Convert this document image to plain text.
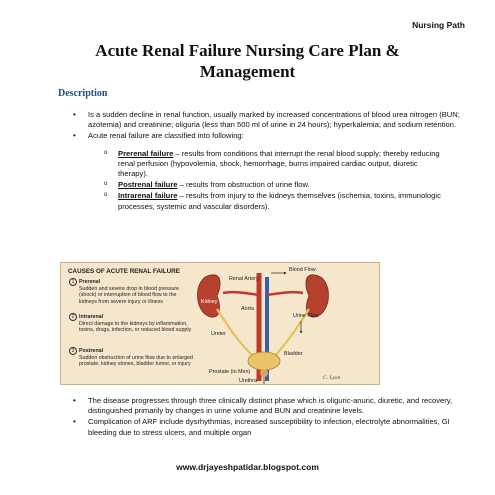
Nursing Path
Acute Renal Failure Nursing Care Plan &
Management
Description
• Is a sudden decline in renal function, usually marked by increased concentrations of blood urea nitrogen (BUN; azotemia) and creatinine; oliguria (less than 500 ml of urine in 24 hours); hyperkalemia; and sodium retention.
• Acute renal failure are classified into following:
o Prerenal failure – results from conditions that interrupt the renal blood supply; thereby reducing renal perfusion (hypovolemia, shock, hemorrhage, burns impaired cardiac output, diuretic therapy).
o Postrenal failure – results from obstruction of urine flow.
o Intrarenal failure – results from injury to the kidneys themselves (ischemia, toxins, immunologic processes, systemic and vascular disorders).
CAUSES OF ACUTE RENAL FAILURE
1 Prerenal
Sudden and severe drop in blood pressure (shock) or interruption of blood flow to the kidneys from severe injury or illness
2 Intrarenal
Direct damage to the kidneys by inflammation, toxins, drugs, infection, or reduced blood supply
3 Postrenal
Sudden obstruction of urine flow due to enlarged prostate, kidney stones, bladder tumor, or injury
Blood Flow
Renal Artery
Kidney
Aorta
Urine Flow
Ureter
Bladder
Prostate (in Men)
Urethra	C. Lyon
• The disease progresses through three clinically distinct phase which is oliguric-anuric, diuretic, and recovery, distinguished primarily by changes in urine volume and BUN and creatinine levels.
• Complication of ARF include dysrhythmias, increased susceptibility to infection, electrolyte abnormalities, GI bleeding due to stress ulcers, and multiple organ
www.drjayeshpatidar.blogspot.com
